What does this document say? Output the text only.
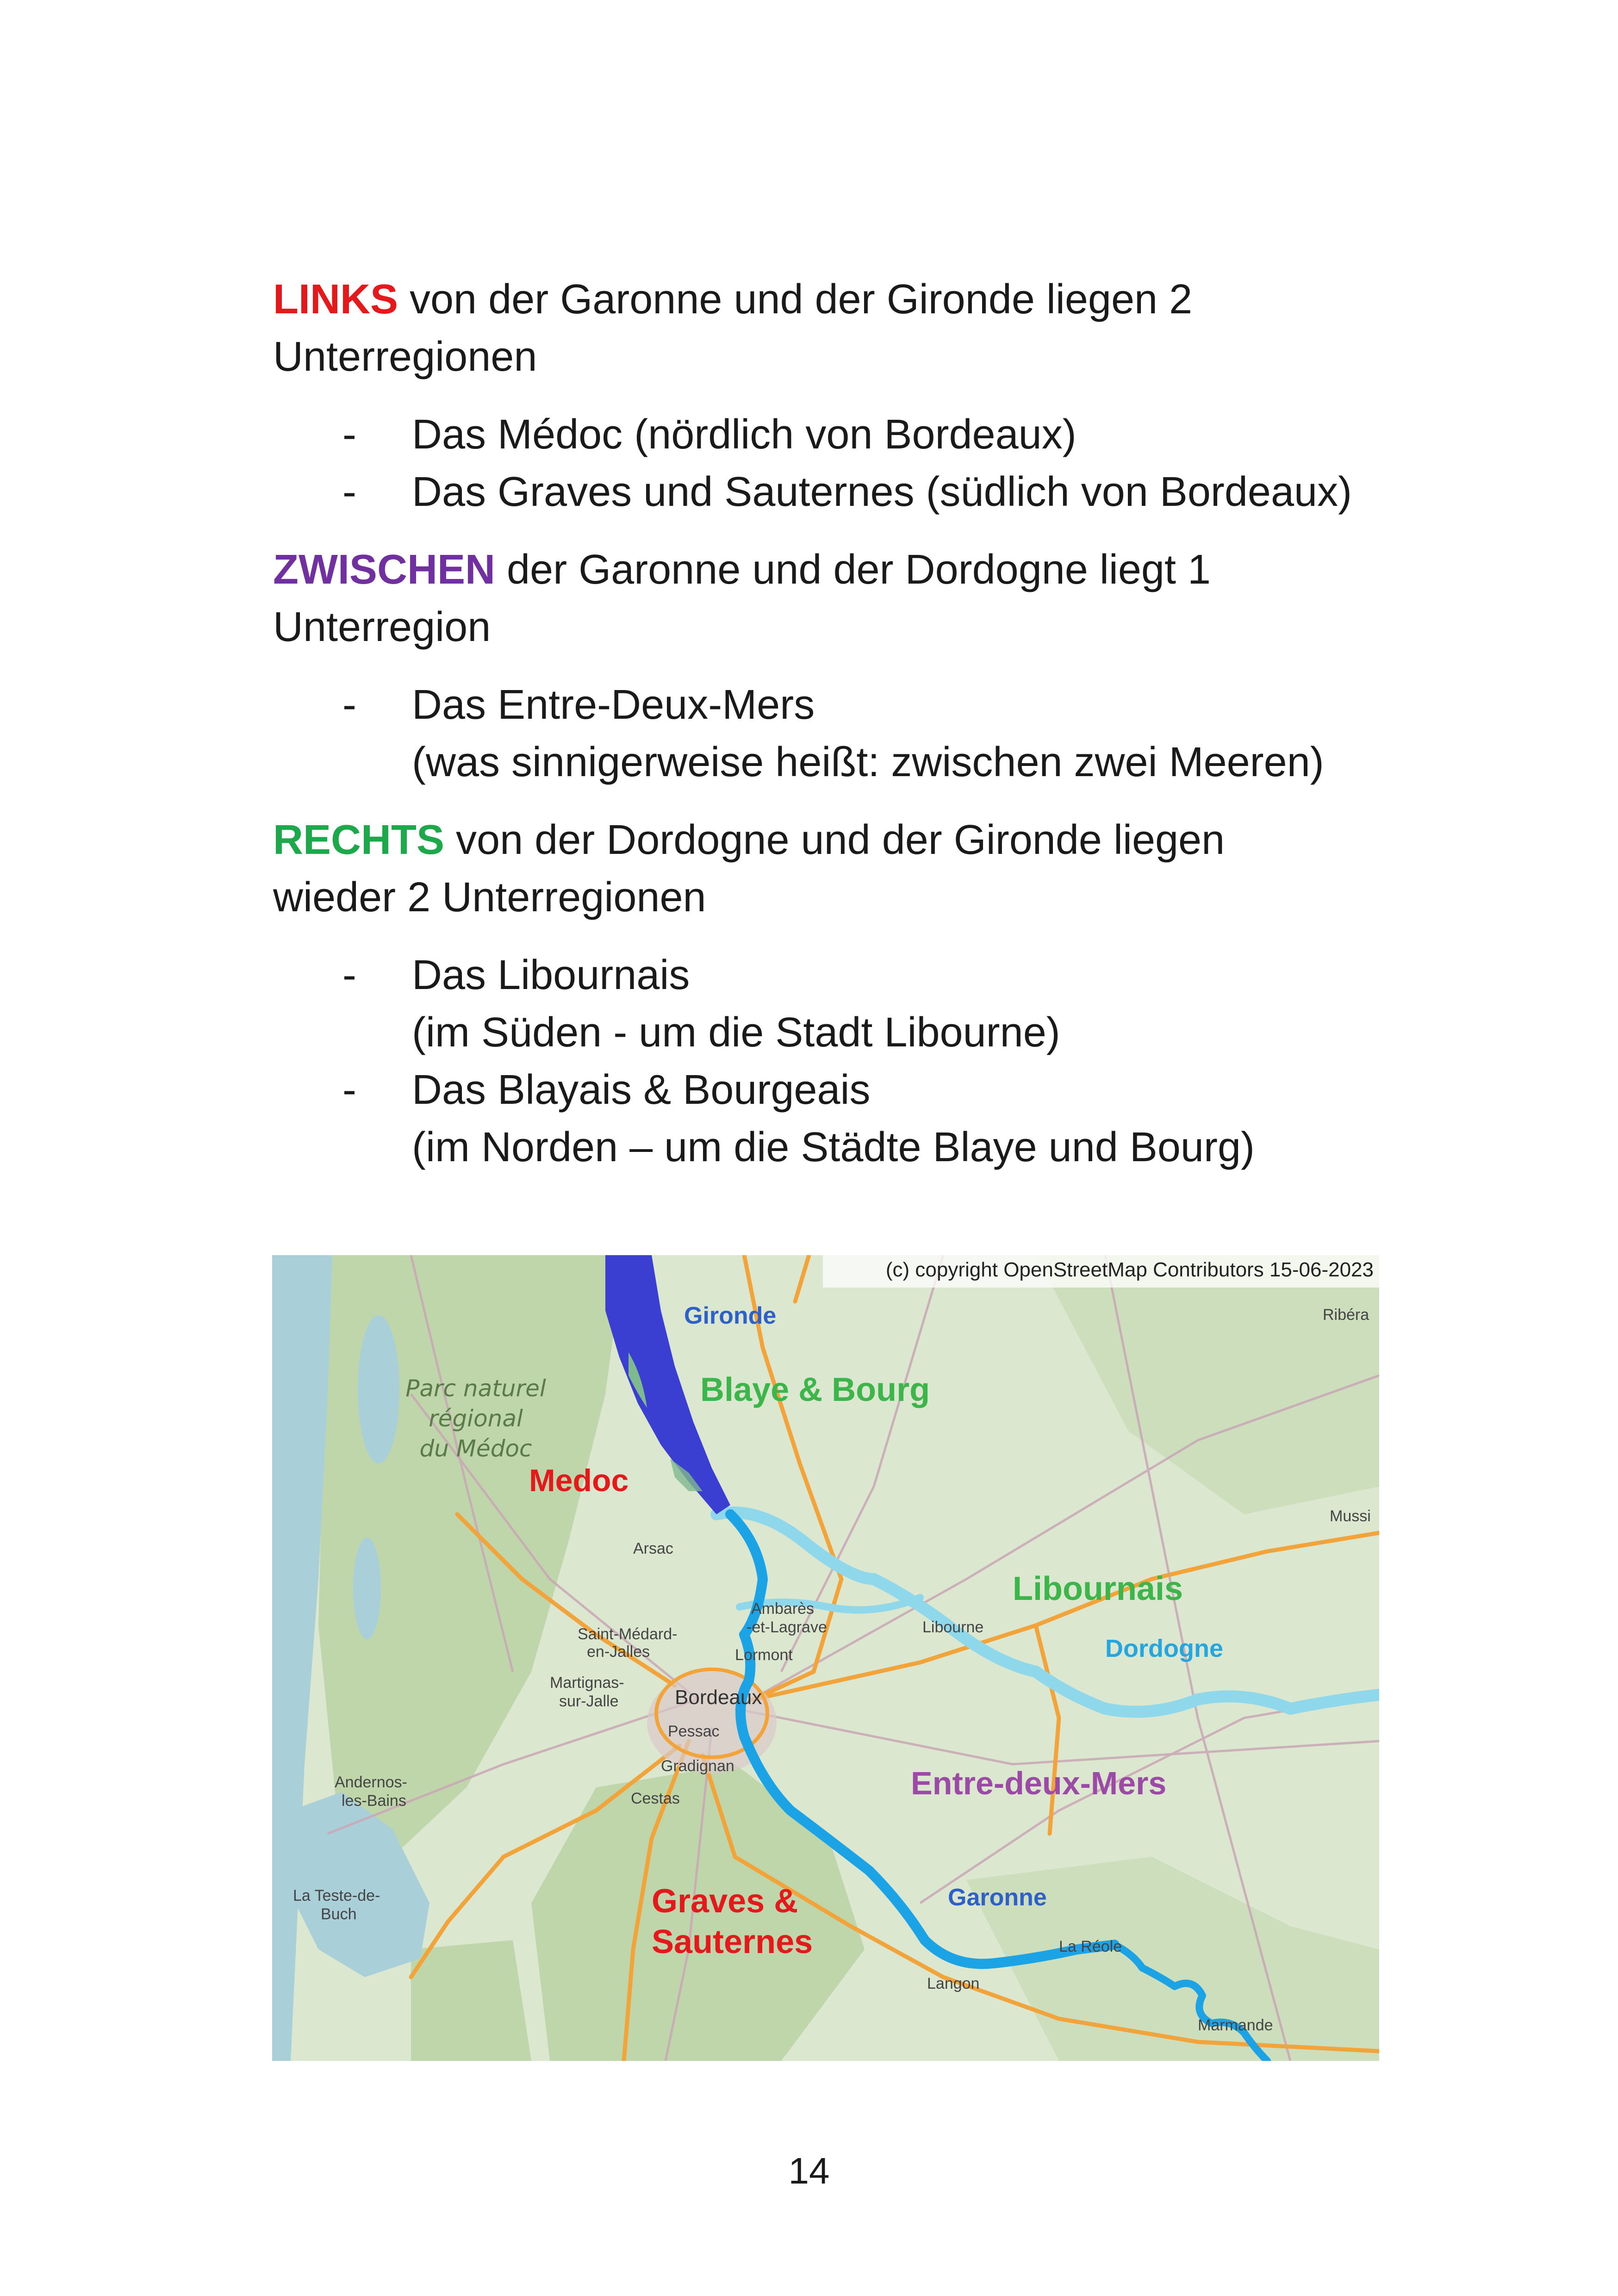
LINKS von der Garonne und der Gironde liegen 2
Unterregionen

- Das Médoc (nördlich von Bordeaux)
- Das Graves und Sauternes (südlich von Bordeaux)

ZWISCHEN der Garonne und der Dordogne liegt 1
Unterregion

- Das Entre-Deux-Mers
(was sinnigerweise heißt: zwischen zwei Meeren)

RECHTS von der Dordogne und der Gironde liegen
wieder 2 Unterregionen

- Das Libournais
(im Süden - um die Stadt Libourne)
- Das Blayais & Bourgeais
(im Norden – um die Städte Blaye und Bourg)
(c) copyright OpenStreetMap Contributors 15-06-2023
Medoc
Blaye & Bourg
Libournais
Entre-deux-Mers
Graves &
Sauternes
Gironde
Dordogne
Garonne
Parc naturel
régional
du Médoc
Arsac
Ambarès
-et-Lagrave	Libourne
Saint-Médard-
en-Jalles	Lormont
Martignas-
sur-Jalle	Bordeaux
Pessac
Gradignan
Cestas
Andernos-
les-Bains
La Teste-de-
Buch
La Réole
Langon
Marmande
Ribéra
Mussi
14
